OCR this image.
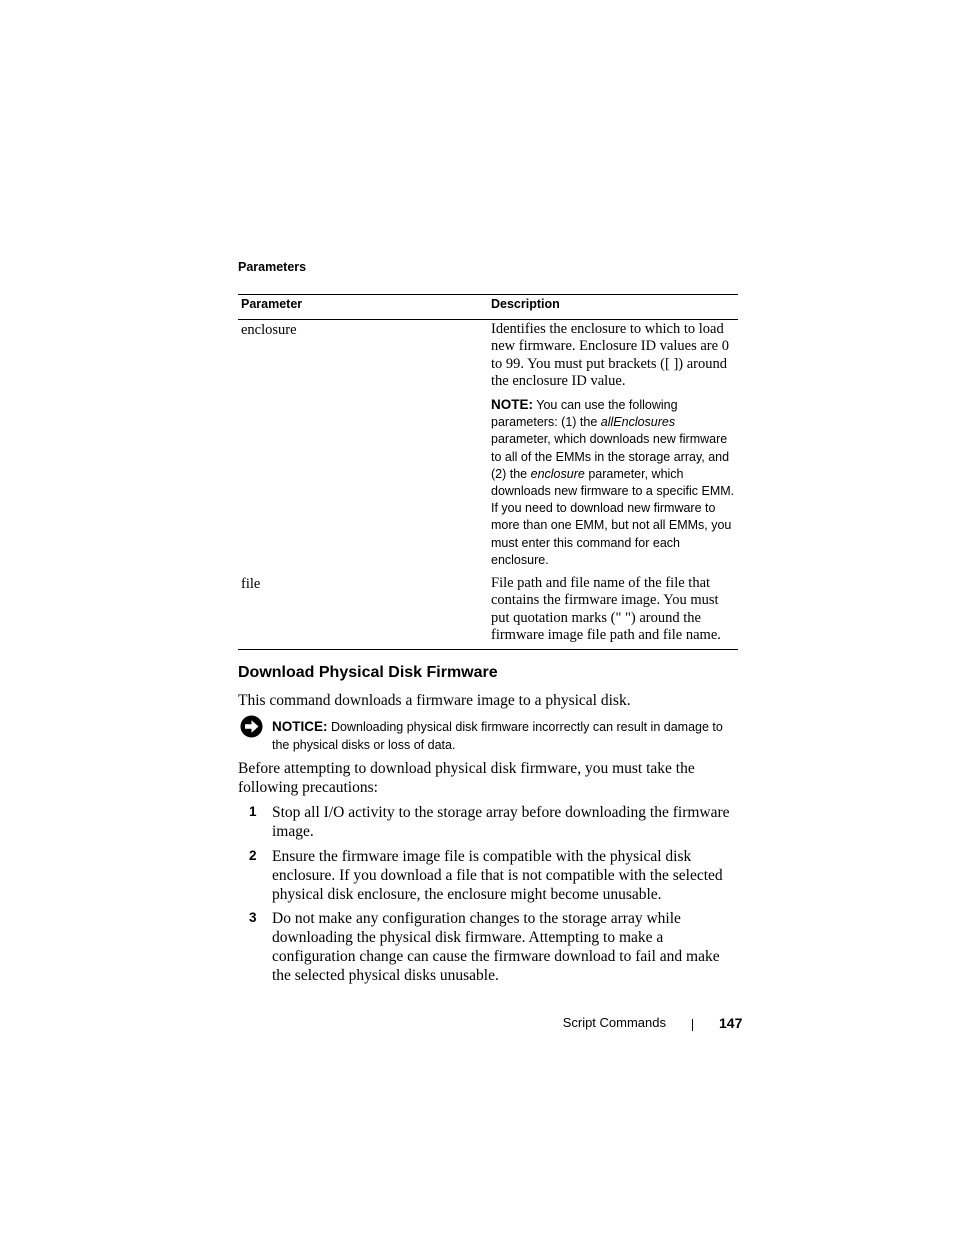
Parameters
Parameter	Description
enclosure	Identifies the enclosure to which to load new firmware. Enclosure ID values are 0 to 99. You must put brackets ([ ]) around the enclosure ID value.
NOTE: You can use the following parameters: (1) the allEnclosures parameter, which downloads new firmware to all of the EMMs in the storage array, and (2) the enclosure parameter, which downloads new firmware to a specific EMM. If you need to download new firmware to more than one EMM, but not all EMMs, you must enter this command for each enclosure.
file	File path and file name of the file that contains the firmware image. You must put quotation marks (" ") around the firmware image file path and file name.
Download Physical Disk Firmware
This command downloads a firmware image to a physical disk.
NOTICE: Downloading physical disk firmware incorrectly can result in damage to the physical disks or loss of data.
Before attempting to download physical disk firmware, you must take the following precautions:
1 Stop all I/O activity to the storage array before downloading the firmware image.
2 Ensure the firmware image file is compatible with the physical disk enclosure. If you download a file that is not compatible with the selected physical disk enclosure, the enclosure might become unusable.
3 Do not make any configuration changes to the storage array while downloading the physical disk firmware. Attempting to make a configuration change can cause the firmware download to fail and make the selected physical disks unusable.
Script Commands	147
